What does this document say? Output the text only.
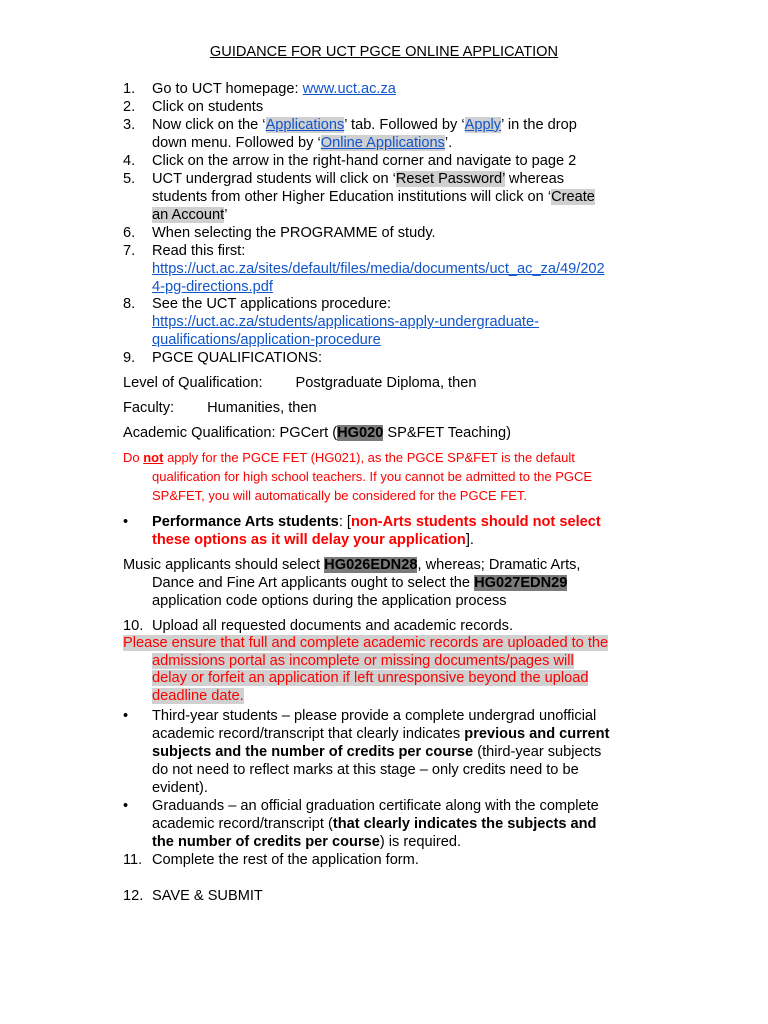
GUIDANCE FOR UCT PGCE ONLINE APPLICATION
1. Go to UCT homepage: www.uct.ac.za
2. Click on students
3. Now click on the ‘Applications’ tab. Followed by ‘Apply’ in the drop
down menu. Followed by ‘Online Applications’.
4. Click on the arrow in the right-hand corner and navigate to page 2
5. UCT undergrad students will click on ‘Reset Password’ whereas
students from other Higher Education institutions will click on ‘Create
an Account’
6. When selecting the PROGRAMME of study.
7. Read this first:
https://uct.ac.za/sites/default/files/media/documents/uct_ac_za/49/202
4-pg-directions.pdf
8. See the UCT applications procedure:
https://uct.ac.za/students/applications-apply-undergraduate-
qualifications/application-procedure
9. PGCE QUALIFICATIONS:
Level of Qualification: Postgraduate Diploma, then
Faculty: Humanities, then
Academic Qualification: PGCert (HG020 SP&FET Teaching)
Do not apply for the PGCE FET (HG021), as the PGCE SP&FET is the default
qualification for high school teachers. If you cannot be admitted to the PGCE
SP&FET, you will automatically be considered for the PGCE FET.
• Performance Arts students: [non-Arts students should not select
these options as it will delay your application].
Music applicants should select HG026EDN28, whereas; Dramatic Arts,
Dance and Fine Art applicants ought to select the HG027EDN29
application code options during the application process
10. Upload all requested documents and academic records.
Please ensure that full and complete academic records are uploaded to the
admissions portal as incomplete or missing documents/pages will
delay or forfeit an application if left unresponsive beyond the upload
deadline date.
• Third-year students – please provide a complete undergrad unofficial
academic record/transcript that clearly indicates previous and current
subjects and the number of credits per course (third-year subjects
do not need to reflect marks at this stage – only credits need to be
evident).
• Graduands – an official graduation certificate along with the complete
academic record/transcript (that clearly indicates the subjects and
the number of credits per course) is required.
11. Complete the rest of the application form.
12. SAVE & SUBMIT
